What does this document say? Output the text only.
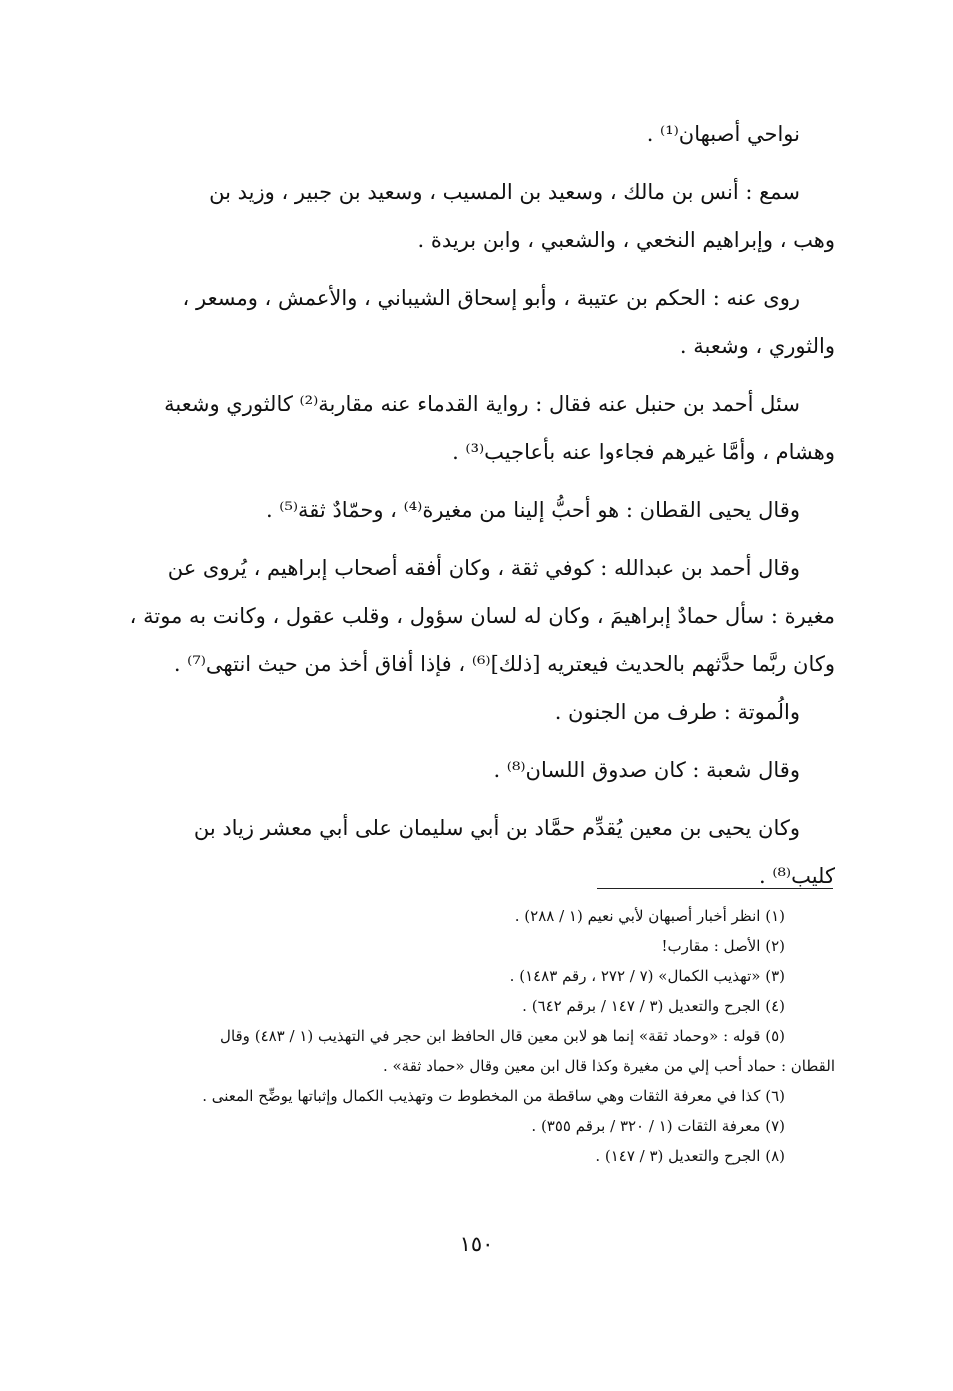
نواحي أصبهان⁽¹⁾ .
سمع : أنس بن مالك ، وسعيد بن المسيب ، وسعيد بن جبير ، وزيد بن
وهب ، وإبراهيم النخعي ، والشعبي ، وابن بريدة .
روى عنه : الحكم بن عتيبة ، وأبو إسحاق الشيباني ، والأعمش ، ومسعر ،
والثوري ، وشعبة .
سئل أحمد بن حنبل عنه فقال : رواية القدماء عنه مقاربة⁽²⁾ كالثوري وشعبة
وهشام ، وأمَّا غيرهم فجاءوا عنه بأعاجيب⁽³⁾ .
وقال يحيى القطان : هو أحبُّ إلينا من مغيرة⁽⁴⁾ ، وحمّادٌ ثقة⁽⁵⁾ .
وقال أحمد بن عبدالله : كوفي ثقة ، وكان أفقه أصحاب إبراهيم ، يُروى عن
مغيرة : سأل حمادٌ إبراهيمَ ، وكان له لسان سؤول ، وقلب عقول ، وكانت به موتة ،
وكان ربَّما حدَّثهم بالحديث فيعتريه [ذلك]⁽⁶⁾ ، فإذا أفاق أخذ من حيث انتهى⁽⁷⁾ .
والُموتة : طرف من الجنون .
وقال شعبة : كان صدوق اللسان⁽⁸⁾ .
وكان يحيى بن معين يُقدِّم حمَّاد بن أبي سليمان على أبي معشر زياد بن
كليب⁽⁸⁾ .
(١) انظر أخبار أصبهان لأبي نعيم (١ / ٢٨٨) .
(٢) الأصل : مقارب!
(٣) «تهذيب الكمال» (٧ / ٢٧٢ ، رقم ١٤٨٣) .
(٤) الجرح والتعديل (٣ / ١٤٧ / برقم ٦٤٢) .
(٥) قوله : «وحماد ثقة» إنما هو لابن معين قال الحافظ ابن حجر في التهذيب (١ / ٤٨٣) وقال
القطان : حماد أحب إلي من مغيرة وكذا قال ابن معين وقال «حماد ثقة» .
(٦) كذا في معرفة الثقات وهي ساقطة من المخطوط ت وتهذيب الكمال وإثباتها يوضِّح المعنى .
(٧) معرفة الثقات (١ / ٣٢٠ / برقم ٣٥٥) .
(٨) الجرح والتعديل (٣ / ١٤٧) .
١٥٠
